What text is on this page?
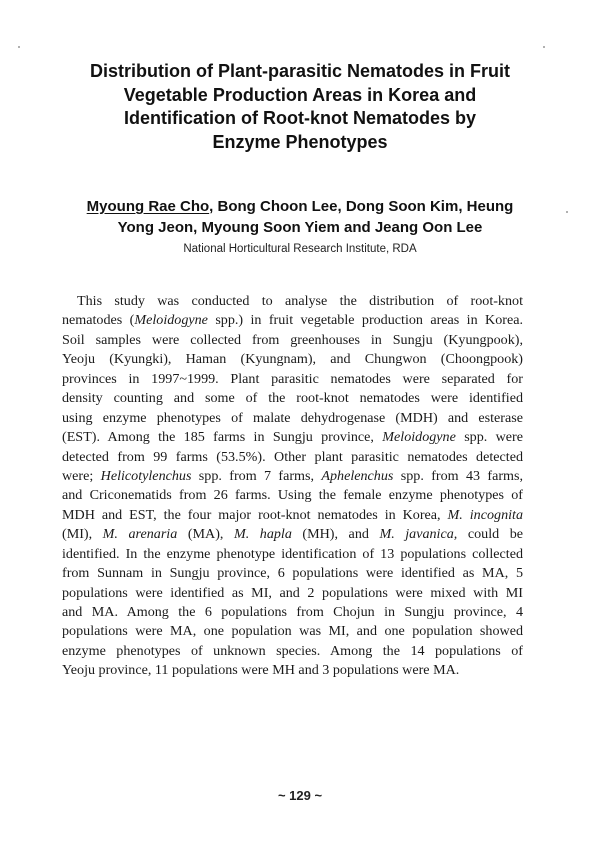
Distribution of Plant-parasitic Nematodes in Fruit
Vegetable Production Areas in Korea and
Identification of Root-knot Nematodes by
Enzyme Phenotypes
Myoung Rae Cho, Bong Choon Lee, Dong Soon Kim, Heung
Yong Jeon, Myoung Soon Yiem and Jeang Oon Lee
National Horticultural Research Institute, RDA
This study was conducted to analyse the distribution of root-knot
nematodes (Meloidogyne spp.) in fruit vegetable production areas in Korea.
Soil samples were collected from greenhouses in Sungju (Kyungpook),
Yeoju (Kyungki), Haman (Kyungnam), and Chungwon (Choongpook)
provinces in 1997~1999. Plant parasitic nematodes were separated for
density counting and some of the root-knot nematodes were identified
using enzyme phenotypes of malate dehydrogenase (MDH) and esterase
(EST). Among the 185 farms in Sungju province, Meloidogyne spp. were
detected from 99 farms (53.5%). Other plant parasitic nematodes detected
were; Helicotylenchus spp. from 7 farms, Aphelenchus spp. from 43 farms,
and Criconematids from 26 farms. Using the female enzyme phenotypes of
MDH and EST, the four major root-knot nematodes in Korea, M. incognita
(MI), M. arenaria (MA), M. hapla (MH), and M. javanica, could be
identified. In the enzyme phenotype identification of 13 populations collected
from Sunnam in Sungju province, 6 populations were identified as MA, 5
populations were identified as MI, and 2 populations were mixed with MI
and MA. Among the 6 populations from Chojun in Sungju province, 4
populations were MA, one population was MI, and one population showed
enzyme phenotypes of unknown species. Among the 14 populations of
Yeoju province, 11 populations were MH and 3 populations were MA.
~ 129 ~
